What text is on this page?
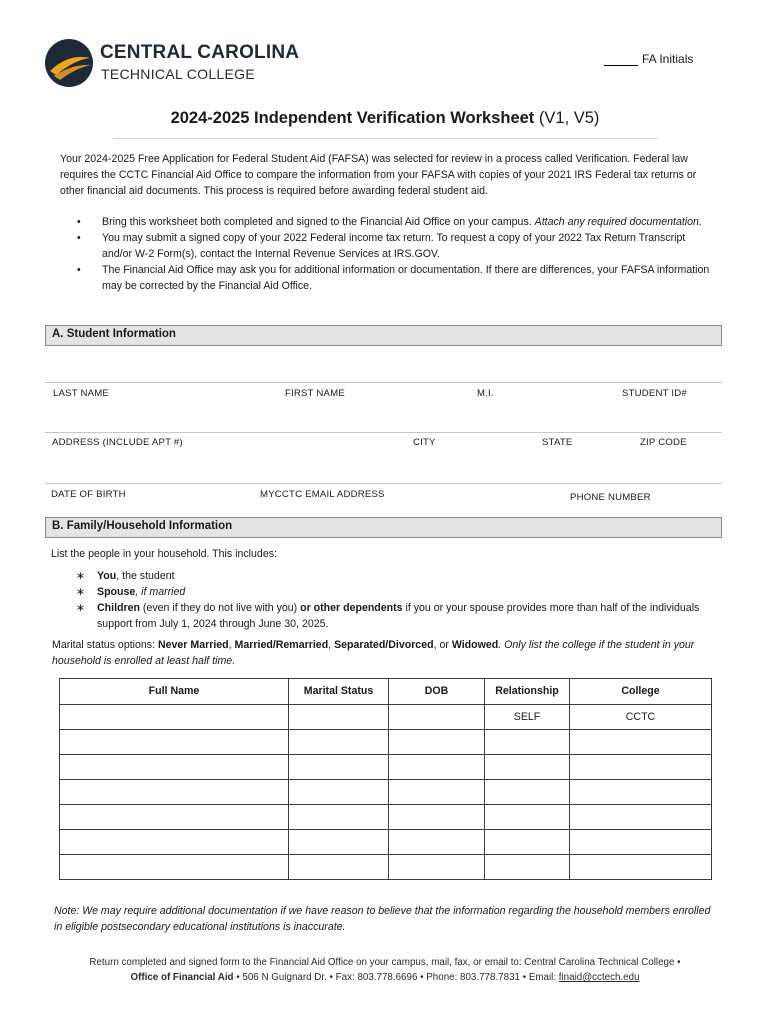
CENTRAL CAROLINA
TECHNICAL COLLEGE
FA Initials
2024-2025 Independent Verification Worksheet (V1, V5)
Your 2024-2025 Free Application for Federal Student Aid (FAFSA) was selected for review in a process called Verification. Federal law requires the CCTC Financial Aid Office to compare the information from your FAFSA with copies of your 2021 IRS Federal tax returns or other financial aid documents. This process is required before awarding federal student aid.
• Bring this worksheet both completed and signed to the Financial Aid Office on your campus. Attach any required documentation.
• You may submit a signed copy of your 2022 Federal income tax return. To request a copy of your 2022 Tax Return Transcript and/or W-2 Form(s), contact the Internal Revenue Services at IRS.GOV.
• The Financial Aid Office may ask you for additional information or documentation. If there are differences, your FAFSA information may be corrected by the Financial Aid Office.
A. Student Information
LAST NAME	FIRST NAME	M.I.	STUDENT ID#
ADDRESS (INCLUDE APT #)	CITY	STATE	ZIP CODE
DATE OF BIRTH	MYCCTC EMAIL ADDRESS	PHONE NUMBER
B. Family/Household Information
List the people in your household. This includes:
∗ You, the student
∗ Spouse, if married
∗ Children (even if they do not live with you) or other dependents if you or your spouse provides more than half of the individuals support from July 1, 2024 through June 30, 2025.
Marital status options: Never Married, Married/Remarried, Separated/Divorced, or Widowed. Only list the college if the student in your household is enrolled at least half time.
Full Name	Marital Status	DOB	Relationship	College
			SELF	CCTC

Note: We may require additional documentation if we have reason to believe that the information regarding the household members enrolled in eligible postsecondary educational institutions is inaccurate.
Return completed and signed form to the Financial Aid Office on your campus, mail, fax, or email to: Central Carolina Technical College •
Office of Financial Aid • 506 N Guignard Dr. • Fax: 803.778.6696 • Phone: 803.778.7831 • Email: finaid@cctech.edu
